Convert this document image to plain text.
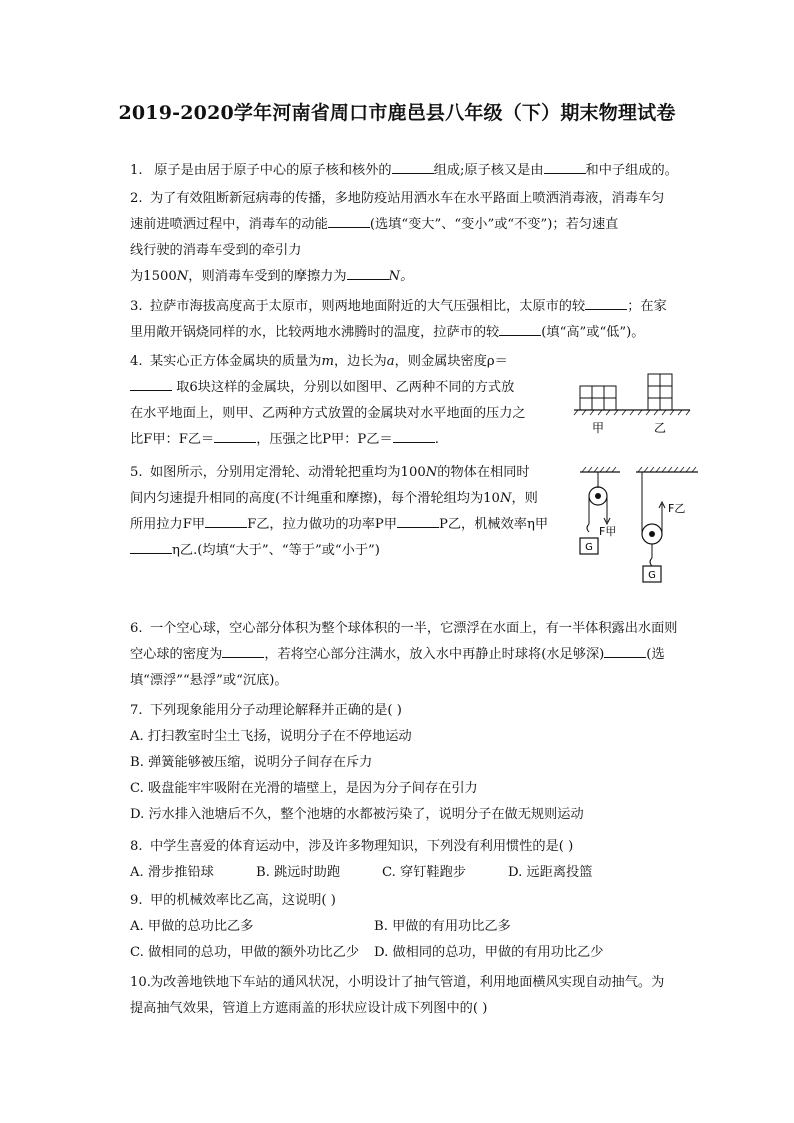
2019-2020学年河南省周口市鹿邑县八年级（下）期末物理试卷
1. 原子是由居于原子中心的原子核和核外的	组成;原子核又是由	和中子组成的。
2. 为了有效阻断新冠病毒的传播，多地防疫站用洒水车在水平路面上喷洒消毒液，消毒车匀
速前进喷洒过程中，消毒车的动能	(选填“变大”、“变小”或“不变”)；若匀速直
线行驶的消毒车受到的牵引力
为1500N，则消毒车受到的摩擦力为	N。
3. 拉萨市海拔高度高于太原市，则两地地面附近的大气压强相比，太原市的较	；在家
里用敞开锅烧同样的水，比较两地水沸腾时的温度，拉萨市的较	(填“高”或“低”)。
4. 某实心正方体金属块的质量为m，边长为a，则金属块密度ρ＝
取6块这样的金属块，分别以如图甲、乙两种不同的方式放
在水平地面上，则甲、乙两种方式放置的金属块对水平地面的压力之
比F甲：F乙＝	，压强之比P甲：P乙＝	.
甲	乙
5. 如图所示，分别用定滑轮、动滑轮把重均为100N的物体在相同时
间内匀速提升相同的高度(不计绳重和摩擦)，每个滑轮组均为10N，则
所用拉力F甲	F乙，拉力做功的功率P甲	P乙，机械效率η甲
η乙.(均填“大于”、“等于”或“小于”)
F甲
G
F乙
G
6. 一个空心球，空心部分体积为整个球体积的一半，它漂浮在水面上，有一半体积露出水面则
空心球的密度为	，若将空心部分注满水，放入水中再静止时球将(水足够深)	(选
填“漂浮”“悬浮”或“沉底)。
7. 下列现象能用分子动理论解释并正确的是( )
A. 打扫教室时尘土飞扬，说明分子在不停地运动
B. 弹簧能够被压缩，说明分子间存在斥力
C. 吸盘能牢牢吸附在光滑的墙壁上，是因为分子间存在引力
D. 污水排入池塘后不久，整个池塘的水都被污染了，说明分子在做无规则运动
8. 中学生喜爱的体育运动中，涉及许多物理知识，下列没有利用惯性的是( )
A. 滑步推铅球	B. 跳远时助跑	C. 穿钉鞋跑步	D. 远距离投篮
9. 甲的机械效率比乙高，这说明( )
A. 甲做的总功比乙多	B. 甲做的有用功比乙多
C. 做相同的总功，甲做的额外功比乙少 D. 做相同的总功，甲做的有用功比乙少
10.为改善地铁地下车站的通风状况，小明设计了抽气管道，利用地面横风实现自动抽气。为
提高抽气效果，管道上方遮雨盖的形状应设计成下列图中的( )
